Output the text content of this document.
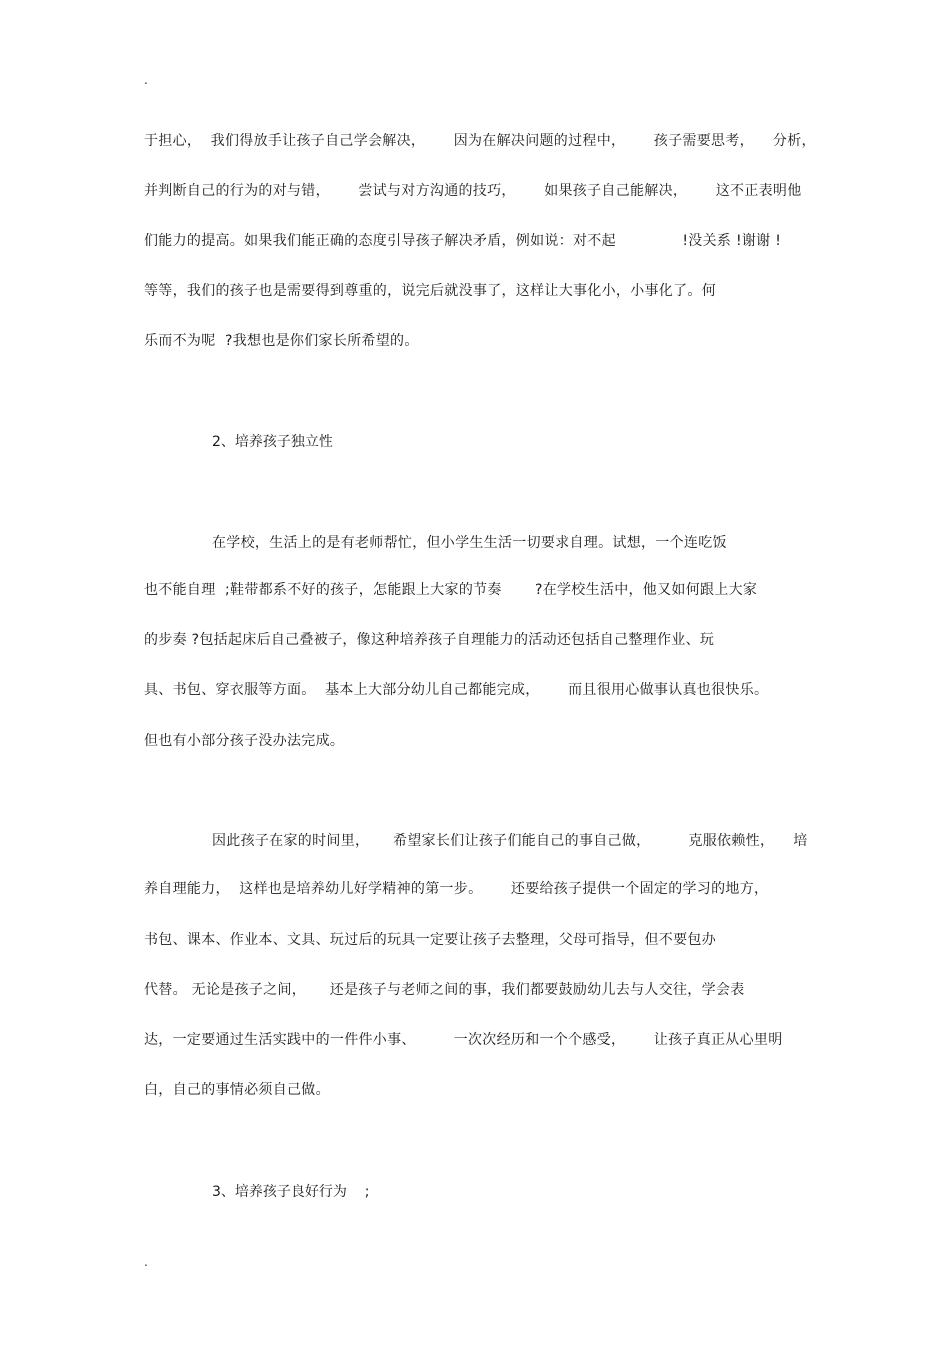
.
于担心，  我们得放手让孩子自己学会解决，      因为在解决问题的过程中，      孩子需要思考，    分析，
并判断自己的行为的对与错，      尝试与对方沟通的技巧，      如果孩子自己能解决，      这不正表明他
们能力的提高。如果我们能正确的态度引导孩子解决矛盾，例如说：对不起              !没关系 !谢谢 !
等等，我们的孩子也是需要得到尊重的，说完后就没事了，这样让大事化小，小事化了。何
乐而不为呢  ?我想也是你们家长所希望的。
2、培养孩子独立性
在学校，生活上的是有老师帮忙，但小学生生活一切要求自理。试想，一个连吃饭
也不能自理  ;鞋带都系不好的孩子，怎能跟上大家的节奏       ?在学校生活中，他又如何跟上大家
的步奏 ?包括起床后自己叠被子，像这种培养孩子自理能力的活动还包括自己整理作业、玩
具、书包、穿衣服等方面。  基本上大部分幼儿自己都能完成，      而且很用心做事认真也很快乐。
但也有小部分孩子没办法完成。
因此孩子在家的时间里，     希望家长们让孩子们能自己的事自己做，        克服依赖性，    培
养自理能力，  这样也是培养幼儿好学精神的第一步。      还要给孩子提供一个固定的学习的地方，
书包、课本、作业本、文具、玩过后的玩具一定要让孩子去整理，父母可指导，但不要包办
代替。 无论是孩子之间，     还是孩子与老师之间的事，我们都要鼓励幼儿去与人交往，学会表
达，一定要通过生活实践中的一件件小事、        一次次经历和一个个感受，      让孩子真正从心里明
白，自己的事情必须自己做。
3、培养孩子良好行为    ;
.
